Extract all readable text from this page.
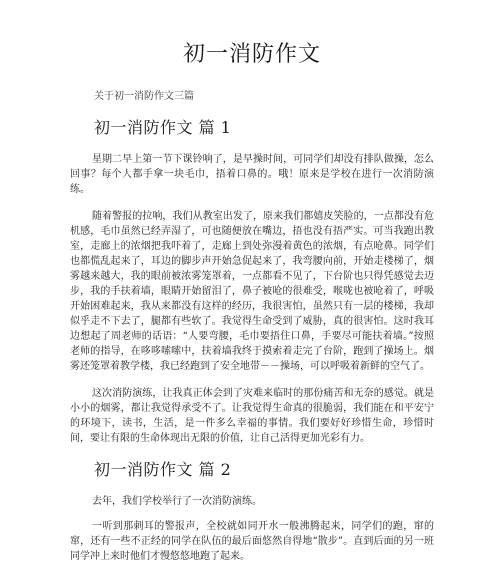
初一消防作文
关于初一消防作文三篇
初一消防作文 篇 1

星期二早上第一节下课铃响了，是早操时间，可同学们却没有排队做操，怎么回事？每个人都手拿一块毛巾，捂着口鼻的。哦！原来是学校在进行一次消防演练。

随着警报的拉响，我们从教室出发了，原来我们都嬉皮笑脸的，一点都没有危机感，毛巾虽然已经弄湿了，可也随便放在嘴边，捂也没有捂严实。可当我跑出教室，走廊上的浓烟把我吓着了，走廊上到处弥漫着黄色的浓烟，有点呛鼻。同学们也都慌乱起来了，耳边的脚步声开始急促起来了，我弯腰向前，开始走楼梯了，烟雾越来越大，我的眼前被浓雾笼罩着，一点都看不见了，下台阶也只得凭感觉去迈步，我的手扶着墙，眼睛开始留泪了，鼻子被呛的很难受，喉咙也被呛着了，呼吸开始困难起来，我从来都没有这样的经历，我很害怕，虽然只有一层的楼梯，我却似乎走不下去了，腿都有些软了。我觉得生命受到了威胁，真的很害怕。这时我耳边想起了周老师的话语：“人要弯腰，毛巾要捂住口鼻，手要尽可能扶着墙。”按照老师的指导，在哆哆嗦嗦中，扶着墙我终于摸索着走完了台阶，跑到了操场上。烟雾还笼罩着教学楼，我已经跑到了安全地带－－操场，可以呼吸着新鲜的空气了。

这次消防演练，让我真正体会到了灾难来临时的那份痛苦和无奈的感觉。就是小小的烟雾，都让我觉得承受不了。让我觉得生命真的很脆弱，我们能在和平安宁的环境下，读书，生活，是一件多么幸福的事情。我们要好好珍惜生命，珍惜时间，要让有限的生命体现出无限的价值，让自己活得更加光彩有力。

初一消防作文 篇 2

去年，我们学校举行了一次消防演练。

一听到那刺耳的警报声，全校就如同开水一般沸腾起来，同学们的跑，窜的窜，还有一些不正经的同学在队伍的最后面悠然自得地“散步”。直到后面的另一班同学冲上来时他们才慢悠悠地跑了起来。
